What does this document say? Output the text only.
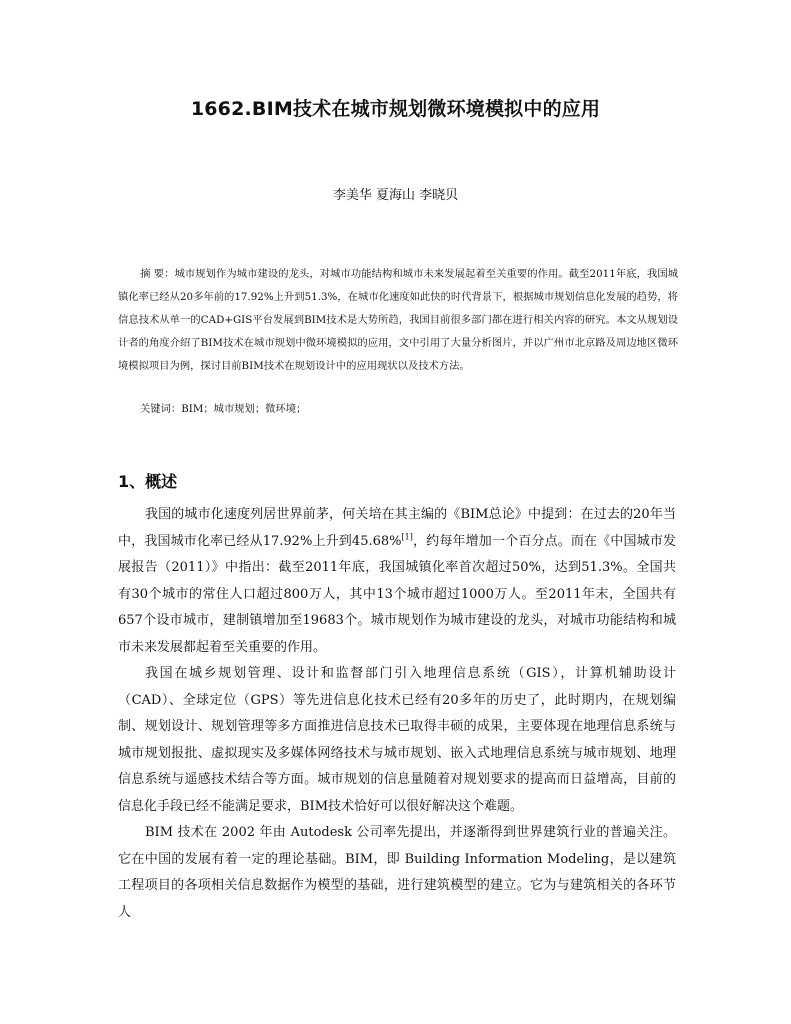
1662.BIM技术在城市规划微环境模拟中的应用

李美华 夏海山 李晓贝

摘 要：城市规划作为城市建设的龙头，对城市功能结构和城市未来发展起着至关重要的作用。截至2011年底，我国城镇化率已经从20多年前的17.92%上升到51.3%，在城市化速度如此快的时代背景下，根据城市规划信息化发展的趋势，将信息技术从单一的CAD+GIS平台发展到BIM技术是大势所趋，我国目前很多部门都在进行相关内容的研究。本文从规划设计者的角度介绍了BIM技术在城市规划中微环境模拟的应用，文中引用了大量分析图片，并以广州市北京路及周边地区微环境模拟项目为例，探讨目前BIM技术在规划设计中的应用现状以及技术方法。

关键词：BIM；城市规划；微环境；

1、概述

我国的城市化速度列居世界前茅，何关培在其主编的《BIM总论》中提到：在过去的20年当中，我国城市化率已经从17.92%上升到45.68%[1]，约每年增加一个百分点。而在《中国城市发展报告（2011）》中指出：截至2011年底，我国城镇化率首次超过50%，达到51.3%。全国共有30个城市的常住人口超过800万人，其中13个城市超过1000万人。至2011年末，全国共有657个设市城市，建制镇增加至19683个。城市规划作为城市建设的龙头，对城市功能结构和城市未来发展都起着至关重要的作用。

我国在城乡规划管理、设计和监督部门引入地理信息系统（GIS），计算机辅助设计（CAD）、全球定位（GPS）等先进信息化技术已经有20多年的历史了，此时期内，在规划编制、规划设计、规划管理等多方面推进信息技术已取得丰硕的成果，主要体现在地理信息系统与城市规划报批、虚拟现实及多媒体网络技术与城市规划、嵌入式地理信息系统与城市规划、地理信息系统与遥感技术结合等方面。城市规划的信息量随着对规划要求的提高而日益增高，目前的信息化手段已经不能满足要求，BIM技术恰好可以很好解决这个难题。

BIM 技术在 2002 年由 Autodesk 公司率先提出，并逐渐得到世界建筑行业的普遍关注。它在中国的发展有着一定的理论基础。BIM，即 Building Information Modeling，是以建筑工程项目的各项相关信息数据作为模型的基础，进行建筑模型的建立。它为与建筑相关的各环节人
